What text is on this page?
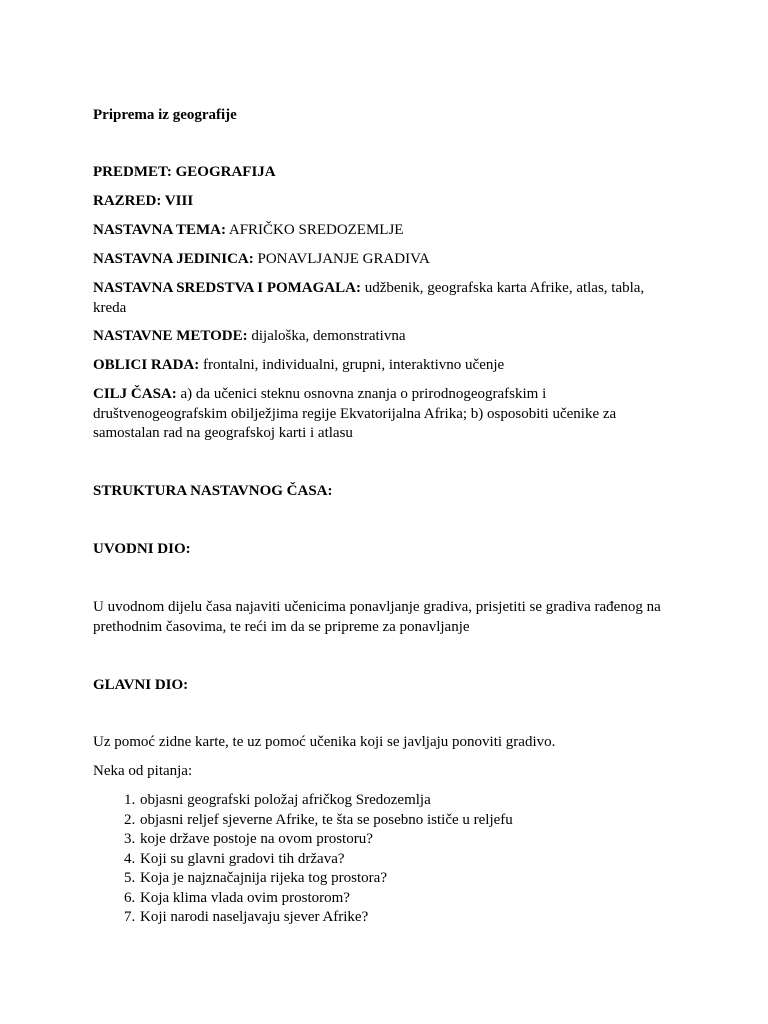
Priprema iz geografije
PREDMET: GEOGRAFIJA
RAZRED: VIII
NASTAVNA TEMA: AFRIČKO SREDOZEMLJE
NASTAVNA JEDINICA: PONAVLJANJE GRADIVA
NASTAVNA SREDSTVA I POMAGALA: udžbenik, geografska karta Afrike, atlas, tabla, kreda
NASTAVNE METODE: dijaloška, demonstrativna
OBLICI RADA: frontalni, individualni, grupni, interaktivno učenje
CILJ ČASA: a) da učenici steknu osnovna znanja o prirodnogeografskim i društvenogeografskim obilježjima regije Ekvatorijalna Afrika; b) osposobiti učenike za samostalan rad na geografskoj karti i atlasu
STRUKTURA NASTAVNOG ČASA:
UVODNI DIO:
U uvodnom dijelu časa najaviti učenicima ponavljanje gradiva, prisjetiti se gradiva rađenog na prethodnim časovima, te reći im da se pripreme za ponavljanje
GLAVNI DIO:
Uz pomoć zidne karte, te uz pomoć učenika koji se javljaju ponoviti gradivo.
Neka od pitanja:
1. objasni geografski položaj afričkog Sredozemlja
2. objasni reljef sjeverne Afrike, te šta se posebno ističe u reljefu
3. koje države postoje na ovom prostoru?
4. Koji su glavni gradovi tih država?
5. Koja je najznačajnija rijeka tog prostora?
6. Koja klima vlada ovim prostorom?
7. Koji narodi naseljavaju sjever Afrike?
